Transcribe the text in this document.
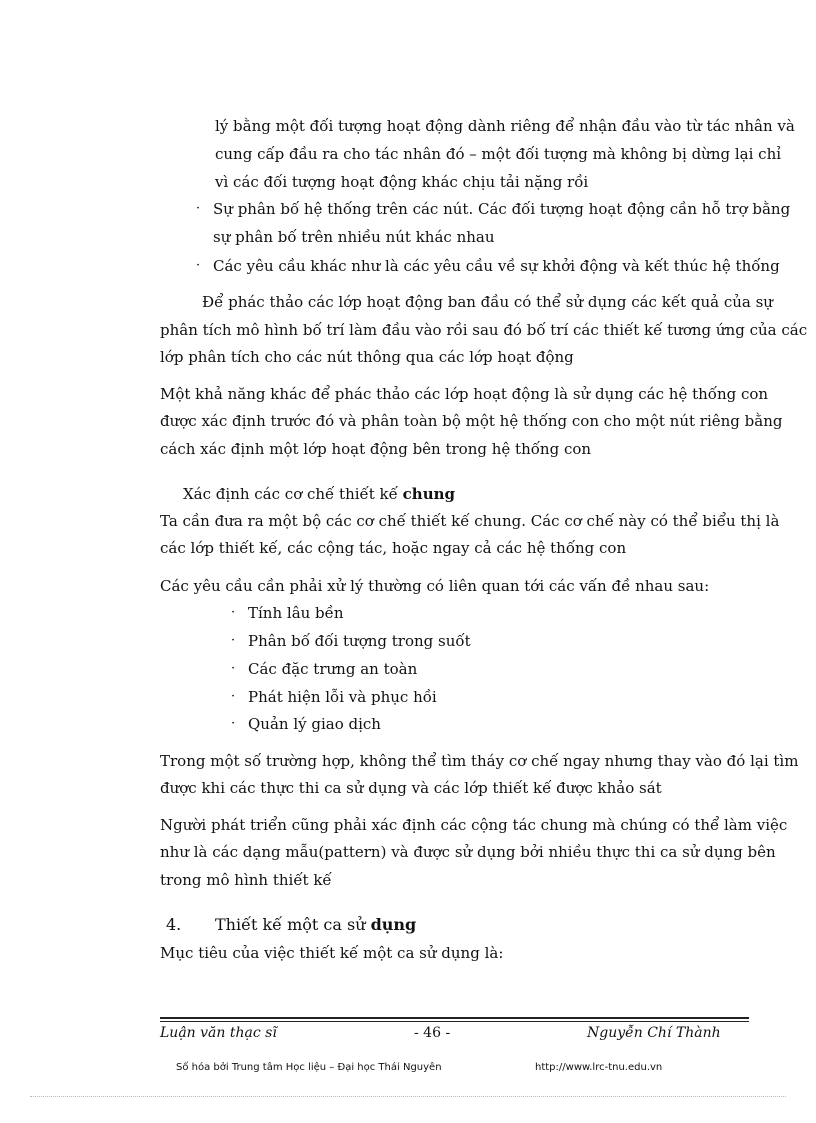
lý bằng một đối tượng hoạt động dành riêng để nhận đầu vào từ tác nhân và
cung cấp đầu ra cho tác nhân đó – một đối tượng mà không bị dừng lại chỉ
vì các đối tượng hoạt động khác chịu tải nặng rồi
· Sự phân bố hệ thống trên các nút. Các đối tượng hoạt động cần hỗ trợ bằng
sự phân bố trên nhiều nút khác nhau
· Các yêu cầu khác như là các yêu cầu về sự khởi động và kết thúc hệ thống
Để phác thảo các lớp hoạt động ban đầu có thể sử dụng các kết quả của sự
phân tích mô hình bố trí làm đầu vào rồi sau đó bố trí các thiết kế tương ứng của các
lớp phân tích cho các nút thông qua các lớp hoạt động
Một khả năng khác để phác thảo các lớp hoạt động là sử dụng các hệ thống con
được xác định trước đó và phân toàn bộ một hệ thống con cho một nút riêng bằng
cách xác định một lớp hoạt động bên trong hệ thống con
Xác định các cơ chế thiết kế chung
Ta cần đưa ra một bộ các cơ chế thiết kế chung. Các cơ chế này có thể biểu thị là
các lớp thiết kế, các cộng tác, hoặc ngay cả các hệ thống con
Các yêu cầu cần phải xử lý thường có liên quan tới các vấn đề nhau sau:
· Tính lâu bền
· Phân bố đối tượng trong suốt
· Các đặc trưng an toàn
· Phát hiện lỗi và phục hồi
· Quản lý giao dịch
Trong một số trường hợp, không thể tìm tháy cơ chế ngay nhưng thay vào đó lại tìm
được khi các thực thi ca sử dụng và các lớp thiết kế được khảo sát
Người phát triển cũng phải xác định các cộng tác chung mà chúng có thể làm việc
như là các dạng mẫu(pattern) và được sử dụng bởi nhiều thực thi ca sử dụng bên
trong mô hình thiết kế
4. Thiết kế một ca sử dụng
Mục tiêu của việc thiết kế một ca sử dụng là:
Luận văn thạc sĩ	- 46 -	Nguyễn Chí Thành
Số hóa bởi Trung tâm Học liệu – Đại học Thái Nguyên	http://www.lrc-tnu.edu.vn
